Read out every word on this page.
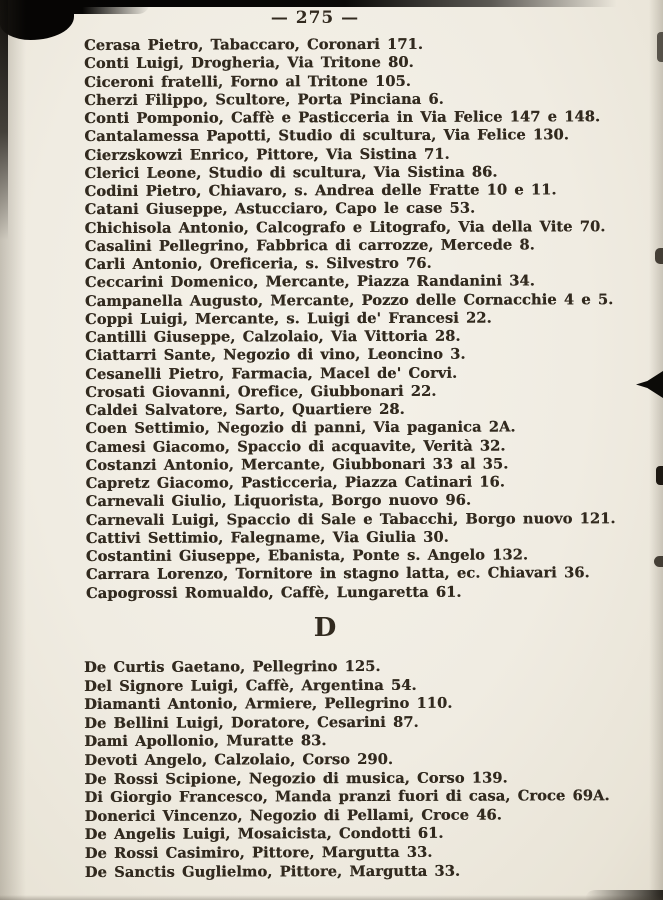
— 275 —
Cerasa Pietro, Tabaccaro, Coronari 171.
Conti Luigi, Drogheria, Via Tritone 80.
Ciceroni fratelli, Forno al Tritone 105.
Cherzi Filippo, Scultore, Porta Pinciana 6.
Conti Pomponio, Caffè e Pasticceria in Via Felice 147 e 148.
Cantalamessa Papotti, Studio di scultura, Via Felice 130.
Cierzskowzi Enrico, Pittore, Via Sistina 71.
Clerici Leone, Studio di scultura, Via Sistina 86.
Codini Pietro, Chiavaro, s. Andrea delle Fratte 10 e 11.
Catani Giuseppe, Astucciaro, Capo le case 53.
Chichisola Antonio, Calcografo e Litografo, Via della Vite 70.
Casalini Pellegrino, Fabbrica di carrozze, Mercede 8.
Carli Antonio, Oreficeria, s. Silvestro 76.
Ceccarini Domenico, Mercante, Piazza Randanini 34.
Campanella Augusto, Mercante, Pozzo delle Cornacchie 4 e 5.
Coppi Luigi, Mercante, s. Luigi de' Francesi 22.
Cantilli Giuseppe, Calzolaio, Via Vittoria 28.
Ciattarri Sante, Negozio di vino, Leoncino 3.
Cesanelli Pietro, Farmacia, Macel de' Corvi.
Crosati Giovanni, Orefice, Giubbonari 22.
Caldei Salvatore, Sarto, Quartiere 28.
Coen Settimio, Negozio di panni, Via paganica 2A.
Camesi Giacomo, Spaccio di acquavite, Verità 32.
Costanzi Antonio, Mercante, Giubbonari 33 al 35.
Capretz Giacomo, Pasticceria, Piazza Catinari 16.
Carnevali Giulio, Liquorista, Borgo nuovo 96.
Carnevali Luigi, Spaccio di Sale e Tabacchi, Borgo nuovo 121.
Cattivi Settimio, Falegname, Via Giulia 30.
Costantini Giuseppe, Ebanista, Ponte s. Angelo 132.
Carrara Lorenzo, Tornitore in stagno latta, ec. Chiavari 36.
Capogrossi Romualdo, Caffè, Lungaretta 61.
D
De Curtis Gaetano, Pellegrino 125.
Del Signore Luigi, Caffè, Argentina 54.
Diamanti Antonio, Armiere, Pellegrino 110.
De Bellini Luigi, Doratore, Cesarini 87.
Dami Apollonio, Muratte 83.
Devoti Angelo, Calzolaio, Corso 290.
De Rossi Scipione, Negozio di musica, Corso 139.
Di Giorgio Francesco, Manda pranzi fuori di casa, Croce 69A.
Donerici Vincenzo, Negozio di Pellami, Croce 46.
De Angelis Luigi, Mosaicista, Condotti 61.
De Rossi Casimiro, Pittore, Margutta 33.
De Sanctis Guglielmo, Pittore, Margutta 33.
